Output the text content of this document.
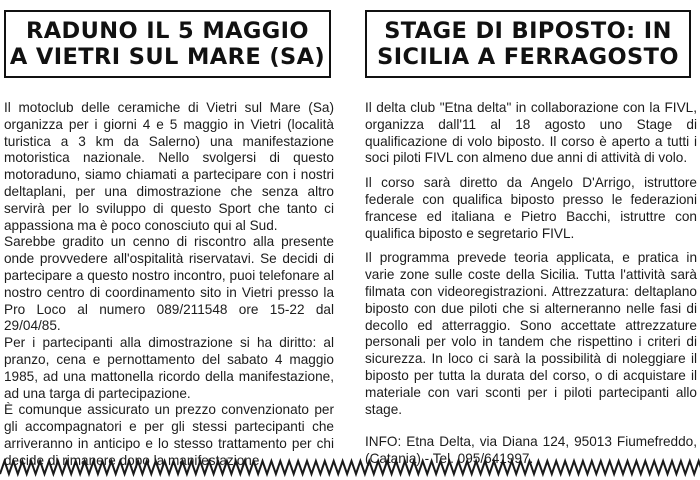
RADUNO IL 5 MAGGIO
A VIETRI SUL MARE (SA)

Il motoclub delle ceramiche di Vietri sul Mare (Sa) organizza per i giorni 4 e 5 maggio in Vietri (località turistica a 3 km da Salerno) una manifestazione motoristica nazionale. Nello svolgersi di questo motoraduno, siamo chiamati a partecipare con i nostri deltaplani, per una dimostrazione che senza altro servirà per lo sviluppo di questo Sport che tanto ci appassiona ma è poco conosciuto qui al Sud.

Sarebbe gradito un cenno di riscontro alla presente onde provvedere all'ospitalità riservatavi. Se decidi di partecipare a questo nostro incontro, puoi telefonare al nostro centro di coordinamento sito in Vietri presso la Pro Loco al numero 089/211548 ore 15-22 dal 29/04/85.

Per i partecipanti alla dimostrazione si ha diritto: al pranzo, cena e pernottamento del sabato 4 maggio 1985, ad una mattonella ricordo della manifestazione, ad una targa di partecipazione.

È comunque assicurato un prezzo convenzionato per gli accompagnatori e per gli stessi partecipanti che arriveranno in anticipo e lo stesso trattamento per chi decide di rimanere dopo la manifestazione.

STAGE DI BIPOSTO: IN
SICILIA A FERRAGOSTO

Il delta club "Etna delta" in collaborazione con la FIVL, organizza dall'11 al 18 agosto uno Stage di qualificazione di volo biposto. Il corso è aperto a tutti i soci piloti FIVL con almeno due anni di attività di volo.

Il corso sarà diretto da Angelo D'Arrigo, istruttore federale con qualifica biposto presso le federazioni francese ed italiana e Pietro Bacchi, istruttre con qualifica biposto e segretario FIVL.

Il programma prevede teoria applicata, e pratica in varie zone sulle coste della Sicilia. Tutta l'attività sarà filmata con videoregistrazioni. Attrezzatura: deltaplano biposto con due piloti che si alterneranno nelle fasi di decollo ed atterraggio. Sono accettate attrezzature personali per volo in tandem che rispettino i criteri di sicurezza. In loco ci sarà la possibilità di noleggiare il biposto per tutta la durata del corso, o di acquistare il materiale con vari sconti per i piloti partecipanti allo stage.

INFO: Etna Delta, via Diana 124, 95013 Fiumefreddo, (Catania) - Tel. 095/641997.
